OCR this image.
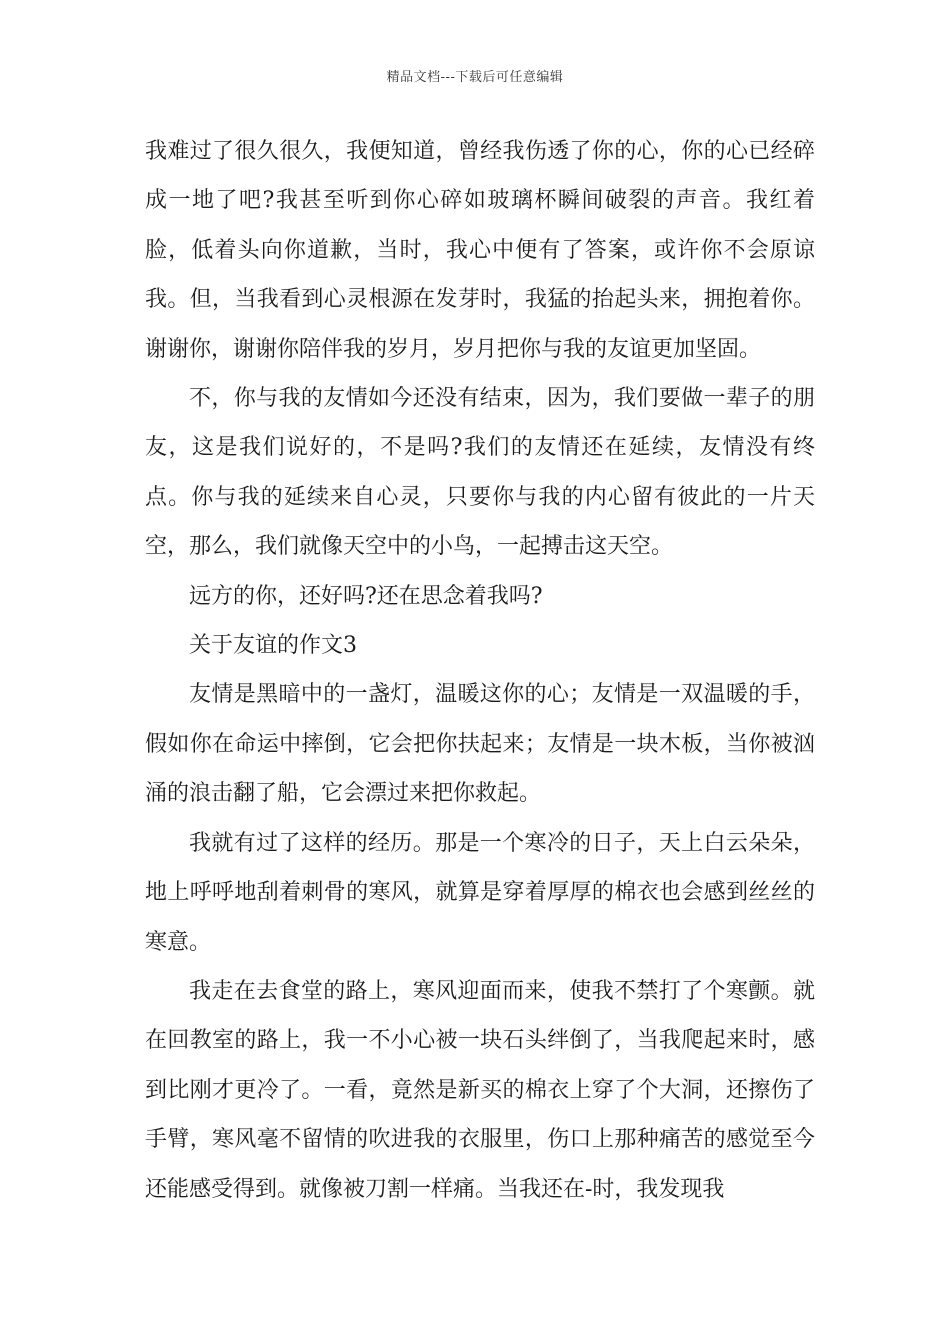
精品文档---下载后可任意编辑

我难过了很久很久，我便知道，曾经我伤透了你的心，你的心已经碎成一地了吧?我甚至听到你心碎如玻璃杯瞬间破裂的声音。我红着脸，低着头向你道歉，当时，我心中便有了答案，或许你不会原谅我。但，当我看到心灵根源在发芽时，我猛的抬起头来，拥抱着你。谢谢你，谢谢你陪伴我的岁月，岁月把你与我的友谊更加坚固。

不，你与我的友情如今还没有结束，因为，我们要做一辈子的朋友，这是我们说好的，不是吗?我们的友情还在延续，友情没有终点。你与我的延续来自心灵，只要你与我的内心留有彼此的一片天空，那么，我们就像天空中的小鸟，一起搏击这天空。

远方的你，还好吗?还在思念着我吗?

关于友谊的作文3

友情是黑暗中的一盏灯，温暖这你的心；友情是一双温暖的手，假如你在命运中摔倒，它会把你扶起来；友情是一块木板，当你被汹涌的浪击翻了船，它会漂过来把你救起。

我就有过了这样的经历。那是一个寒冷的日子，天上白云朵朵，地上呼呼地刮着刺骨的寒风，就算是穿着厚厚的棉衣也会感到丝丝的寒意。

我走在去食堂的路上，寒风迎面而来，使我不禁打了个寒颤。就在回教室的路上，我一不小心被一块石头绊倒了，当我爬起来时，感到比刚才更冷了。一看，竟然是新买的棉衣上穿了个大洞，还擦伤了手臂，寒风毫不留情的吹进我的衣服里，伤口上那种痛苦的感觉至今还能感受得到。就像被刀割一样痛。当我还在-时，我发现我
